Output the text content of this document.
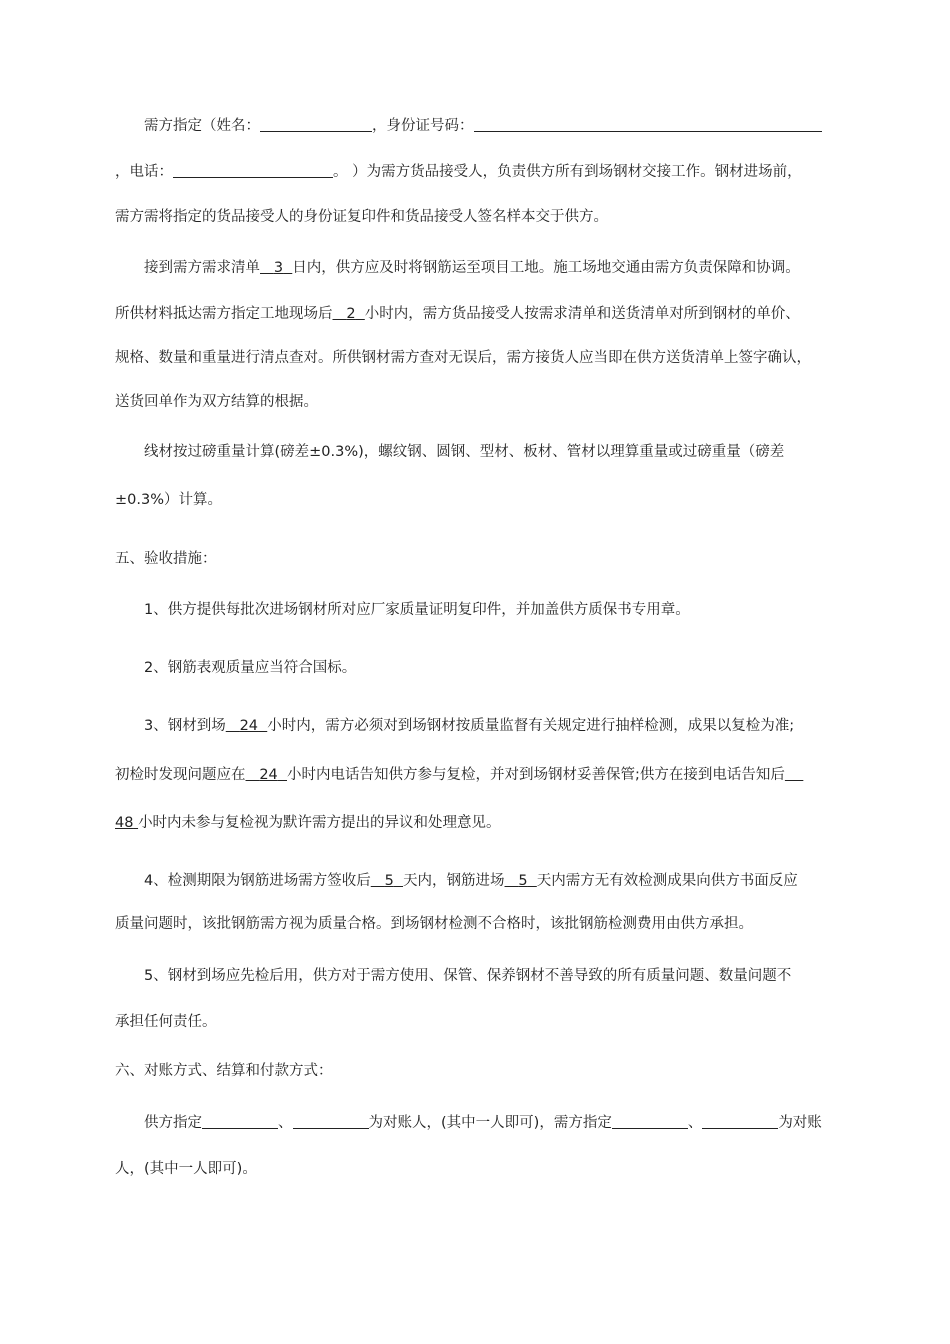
需方指定（姓名：	，身份证号码：
，电话：	。 ）为需方货品接受人，负责供方所有到场钢材交接工作。钢材进场前，
需方需将指定的货品接受人的身份证复印件和货品接受人签名样本交于供方。
接到需方需求清单 3 日内，供方应及时将钢筋运至项目工地。施工场地交通由需方负责保障和协调。
所供材料抵达需方指定工地现场后 2 小时内，需方货品接受人按需求清单和送货清单对所到钢材的单价、
规格、数量和重量进行清点查对。所供钢材需方查对无误后，需方接货人应当即在供方送货清单上签字确认，
送货回单作为双方结算的根据。
线材按过磅重量计算(磅差±0.3%)，螺纹钢、圆钢、型材、板材、管材以理算重量或过磅重量（磅差
±0.3%）计算。
五、验收措施：
1、供方提供每批次进场钢材所对应厂家质量证明复印件，并加盖供方质保书专用章。
2、钢筋表观质量应当符合国标。
3、钢材到场 24 小时内，需方必须对到场钢材按质量监督有关规定进行抽样检测，成果以复检为准;
初检时发现问题应在 24 小时内电话告知供方参与复检，并对到场钢材妥善保管;供方在接到电话告知后
48 小时内未参与复检视为默许需方提出的异议和处理意见。
4、检测期限为钢筋进场需方签收后 5 天内，钢筋进场 5 天内需方无有效检测成果向供方书面反应
质量问题时，该批钢筋需方视为质量合格。到场钢材检测不合格时，该批钢筋检测费用由供方承担。
5、钢材到场应先检后用，供方对于需方使用、保管、保养钢材不善导致的所有质量问题、数量问题不
承担任何责任。
六、对账方式、结算和付款方式：
供方指定	、	为对账人，(其中一人即可)，需方指定	、	为对账
人，(其中一人即可)。
